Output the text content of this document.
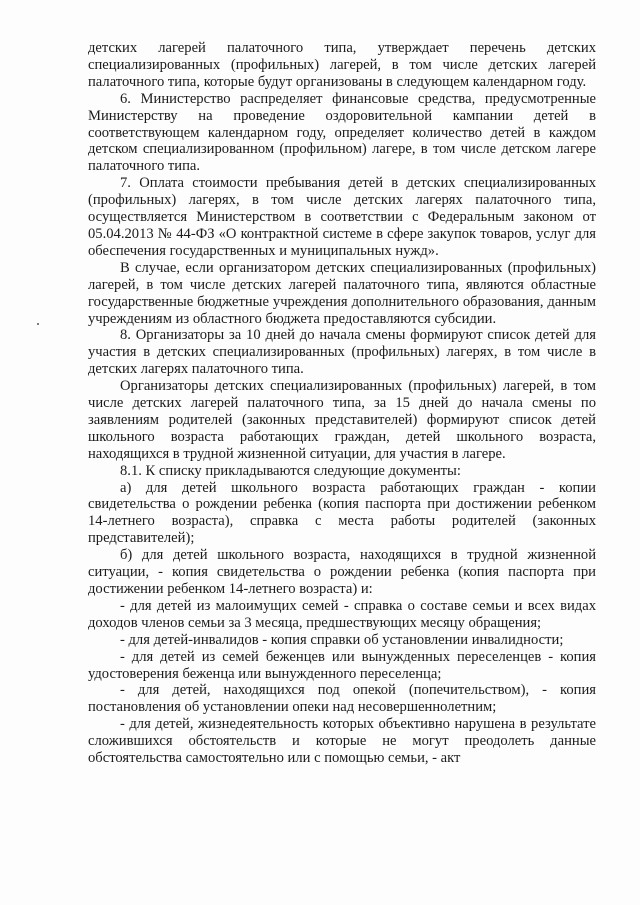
детских лагерей палаточного типа, утверждает перечень детских специализированных (профильных) лагерей, в том числе детских лагерей палаточного типа, которые будут организованы в следующем календарном году.

6. Министерство распределяет финансовые средства, предусмотренные Министерству на проведение оздоровительной кампании детей в соответствующем календарном году, определяет количество детей в каждом детском специализированном (профильном) лагере, в том числе детском лагере палаточного типа.

7. Оплата стоимости пребывания детей в детских специализированных (профильных) лагерях, в том числе детских лагерях палаточного типа, осуществляется Министерством в соответствии с Федеральным законом от 05.04.2013 № 44-ФЗ «О контрактной системе в сфере закупок товаров, услуг для обеспечения государственных и муниципальных нужд».

В случае, если организатором детских специализированных (профильных) лагерей, в том числе детских лагерей палаточного типа, являются областные государственные бюджетные учреждения дополнительного образования, данным учреждениям из областного бюджета предоставляются субсидии.

8. Организаторы за 10 дней до начала смены формируют список детей для участия в детских специализированных (профильных) лагерях, в том числе в детских лагерях палаточного типа.

Организаторы детских специализированных (профильных) лагерей, в том числе детских лагерей палаточного типа, за 15 дней до начала смены по заявлениям родителей (законных представителей) формируют список детей школьного возраста работающих граждан, детей школьного возраста, находящихся в трудной жизненной ситуации, для участия в лагере.

8.1. К списку прикладываются следующие документы:

а) для детей школьного возраста работающих граждан - копии свидетельства о рождении ребенка (копия паспорта при достижении ребенком 14-летнего возраста), справка с места работы родителей (законных представителей);

б) для детей школьного возраста, находящихся в трудной жизненной ситуации, - копия свидетельства о рождении ребенка (копия паспорта при достижении ребенком 14-летнего возраста) и:

- для детей из малоимущих семей - справка о составе семьи и всех видах доходов членов семьи за 3 месяца, предшествующих месяцу обращения;

- для детей-инвалидов - копия справки об установлении инвалидности;

- для детей из семей беженцев или вынужденных переселенцев - копия удостоверения беженца или вынужденного переселенца;

- для детей, находящихся под опекой (попечительством), - копия постановления об установлении опеки над несовершеннолетним;

- для детей, жизнедеятельность которых объективно нарушена в результате сложившихся обстоятельств и которые не могут преодолеть данные обстоятельства самостоятельно или с помощью семьи, - акт
